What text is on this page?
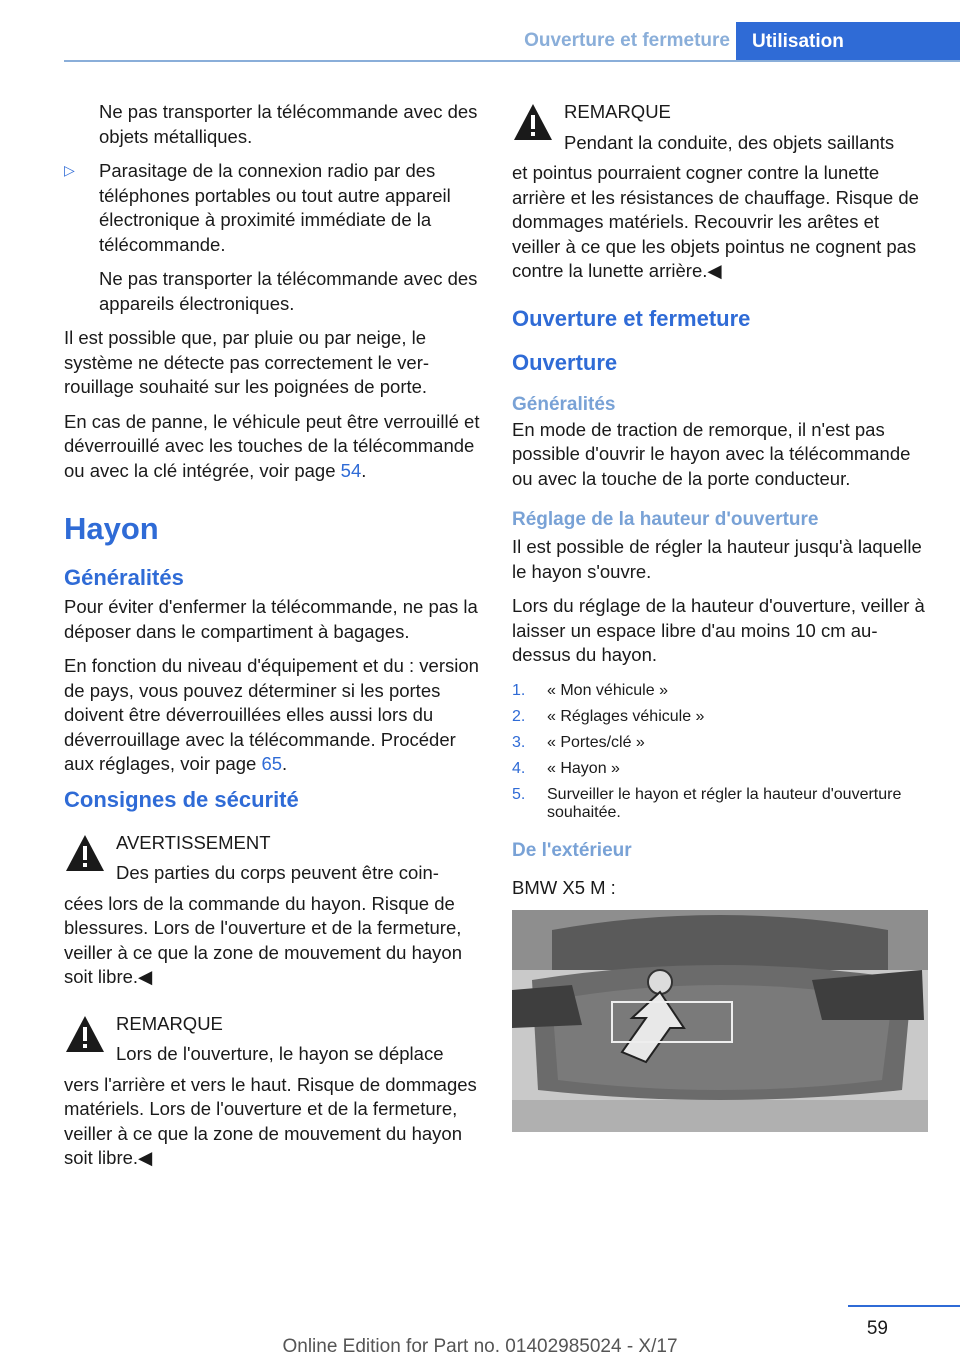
Ouverture et fermeture	Utilisation

Ne pas transporter la télécommande avec des objets métalliques.

▷ Parasitage de la connexion radio par des téléphones portables ou tout autre appareil électronique à proximité immédiate de la télécommande.

Ne pas transporter la télécommande avec des appareils électroniques.

Il est possible que, par pluie ou par neige, le système ne détecte pas correctement le verrouillage souhaité sur les poignées de porte.

En cas de panne, le véhicule peut être verrouillé et déverrouillé avec les touches de la télécommande ou avec la clé intégrée, voir page 54.

Hayon
Généralités

Pour éviter d'enfermer la télécommande, ne pas la déposer dans le compartiment à bagages.

En fonction du niveau d'équipement et du : version de pays, vous pouvez déterminer si les portes doivent être déverrouillées elles aussi lors du déverrouillage avec la télécommande. Procéder aux réglages, voir page 65.

Consignes de sécurité

AVERTISSEMENT

Des parties du corps peuvent être coin-

cées lors de la commande du hayon. Risque de blessures. Lors de l'ouverture et de la fermeture, veiller à ce que la zone de mouvement du hayon soit libre.◀

REMARQUE

Lors de l'ouverture, le hayon se déplace

vers l'arrière et vers le haut. Risque de dommages matériels. Lors de l'ouverture et de la fermeture, veiller à ce que la zone de mouvement du hayon soit libre.◀

REMARQUE

Pendant la conduite, des objets saillants

et pointus pourraient cogner contre la lunette arrière et les résistances de chauffage. Risque de dommages matériels. Recouvrir les arêtes et veiller à ce que les objets pointus ne cognent pas contre la lunette arrière.◀

Ouverture et fermeture
Ouverture
Généralités

En mode de traction de remorque, il n'est pas possible d'ouvrir le hayon avec la télécommande ou avec la touche de la porte conducteur.

Réglage de la hauteur d'ouverture

Il est possible de régler la hauteur jusqu'à laquelle le hayon s'ouvre.

Lors du réglage de la hauteur d'ouverture, veiller à laisser un espace libre d'au moins 10 cm au-dessus du hayon.

1. « Mon véhicule »
2. « Réglages véhicule »
3. « Portes/clé »
4. « Hayon »
5. Surveiller le hayon et régler la hauteur d'ouverture souhaitée.
De l'extérieur

BMW X5 M :

59
Online Edition for Part no. 01402985024 - X/17
